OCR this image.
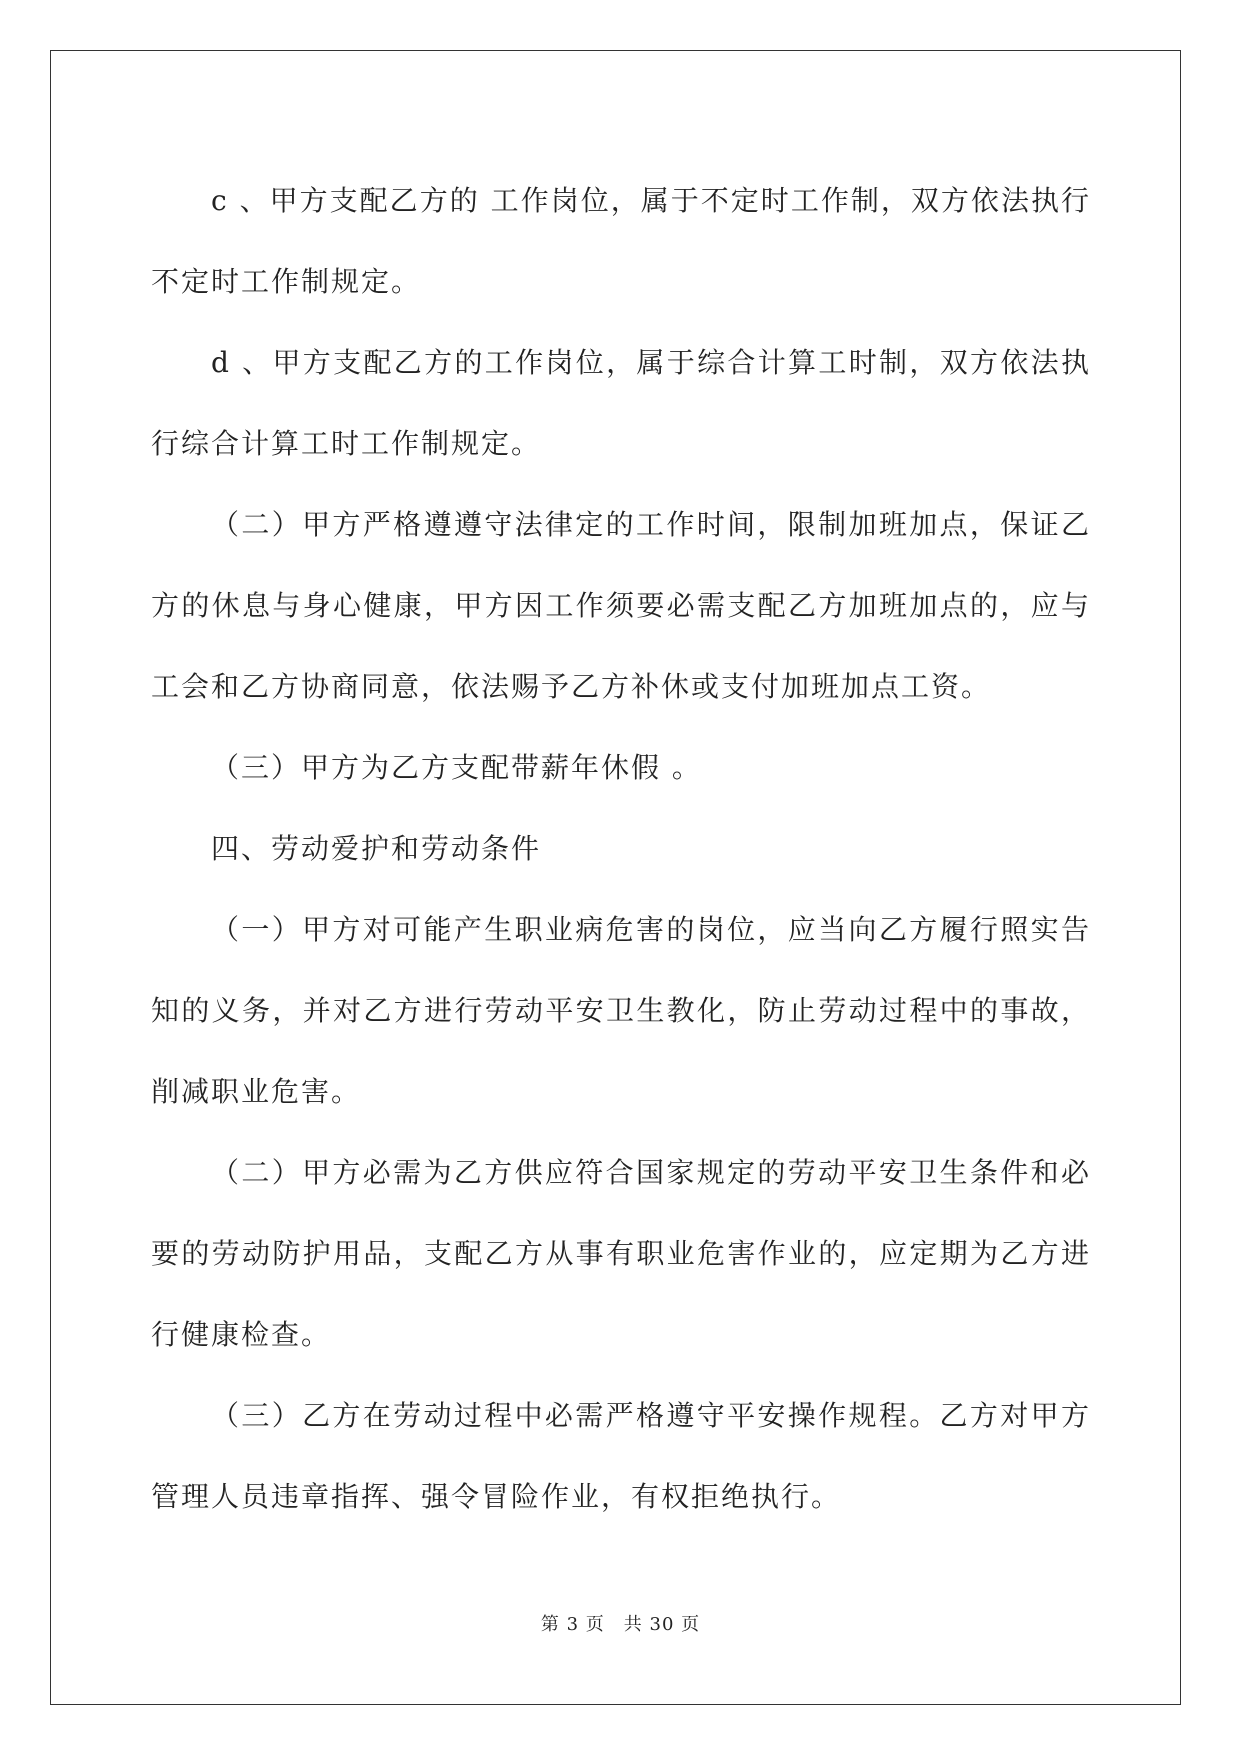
c 、甲方支配乙方的 工作岗位，属于不定时工作制，双方依法执行不定时工作制规定。

d 、甲方支配乙方的工作岗位，属于综合计算工时制，双方依法执行综合计算工时工作制规定。

（二）甲方严格遵遵守法律定的工作时间，限制加班加点，保证乙方的休息与身心健康，甲方因工作须要必需支配乙方加班加点的，应与工会和乙方协商同意，依法赐予乙方补休或支付加班加点工资。

（三）甲方为乙方支配带薪年休假 。

四、劳动爱护和劳动条件

（一）甲方对可能产生职业病危害的岗位，应当向乙方履行照实告知的义务，并对乙方进行劳动平安卫生教化，防止劳动过程中的事故，削减职业危害。

（二）甲方必需为乙方供应符合国家规定的劳动平安卫生条件和必要的劳动防护用品，支配乙方从事有职业危害作业的，应定期为乙方进行健康检查。

（三）乙方在劳动过程中必需严格遵守平安操作规程。乙方对甲方管理人员违章指挥、强令冒险作业，有权拒绝执行。

第 3 页　共 30 页
